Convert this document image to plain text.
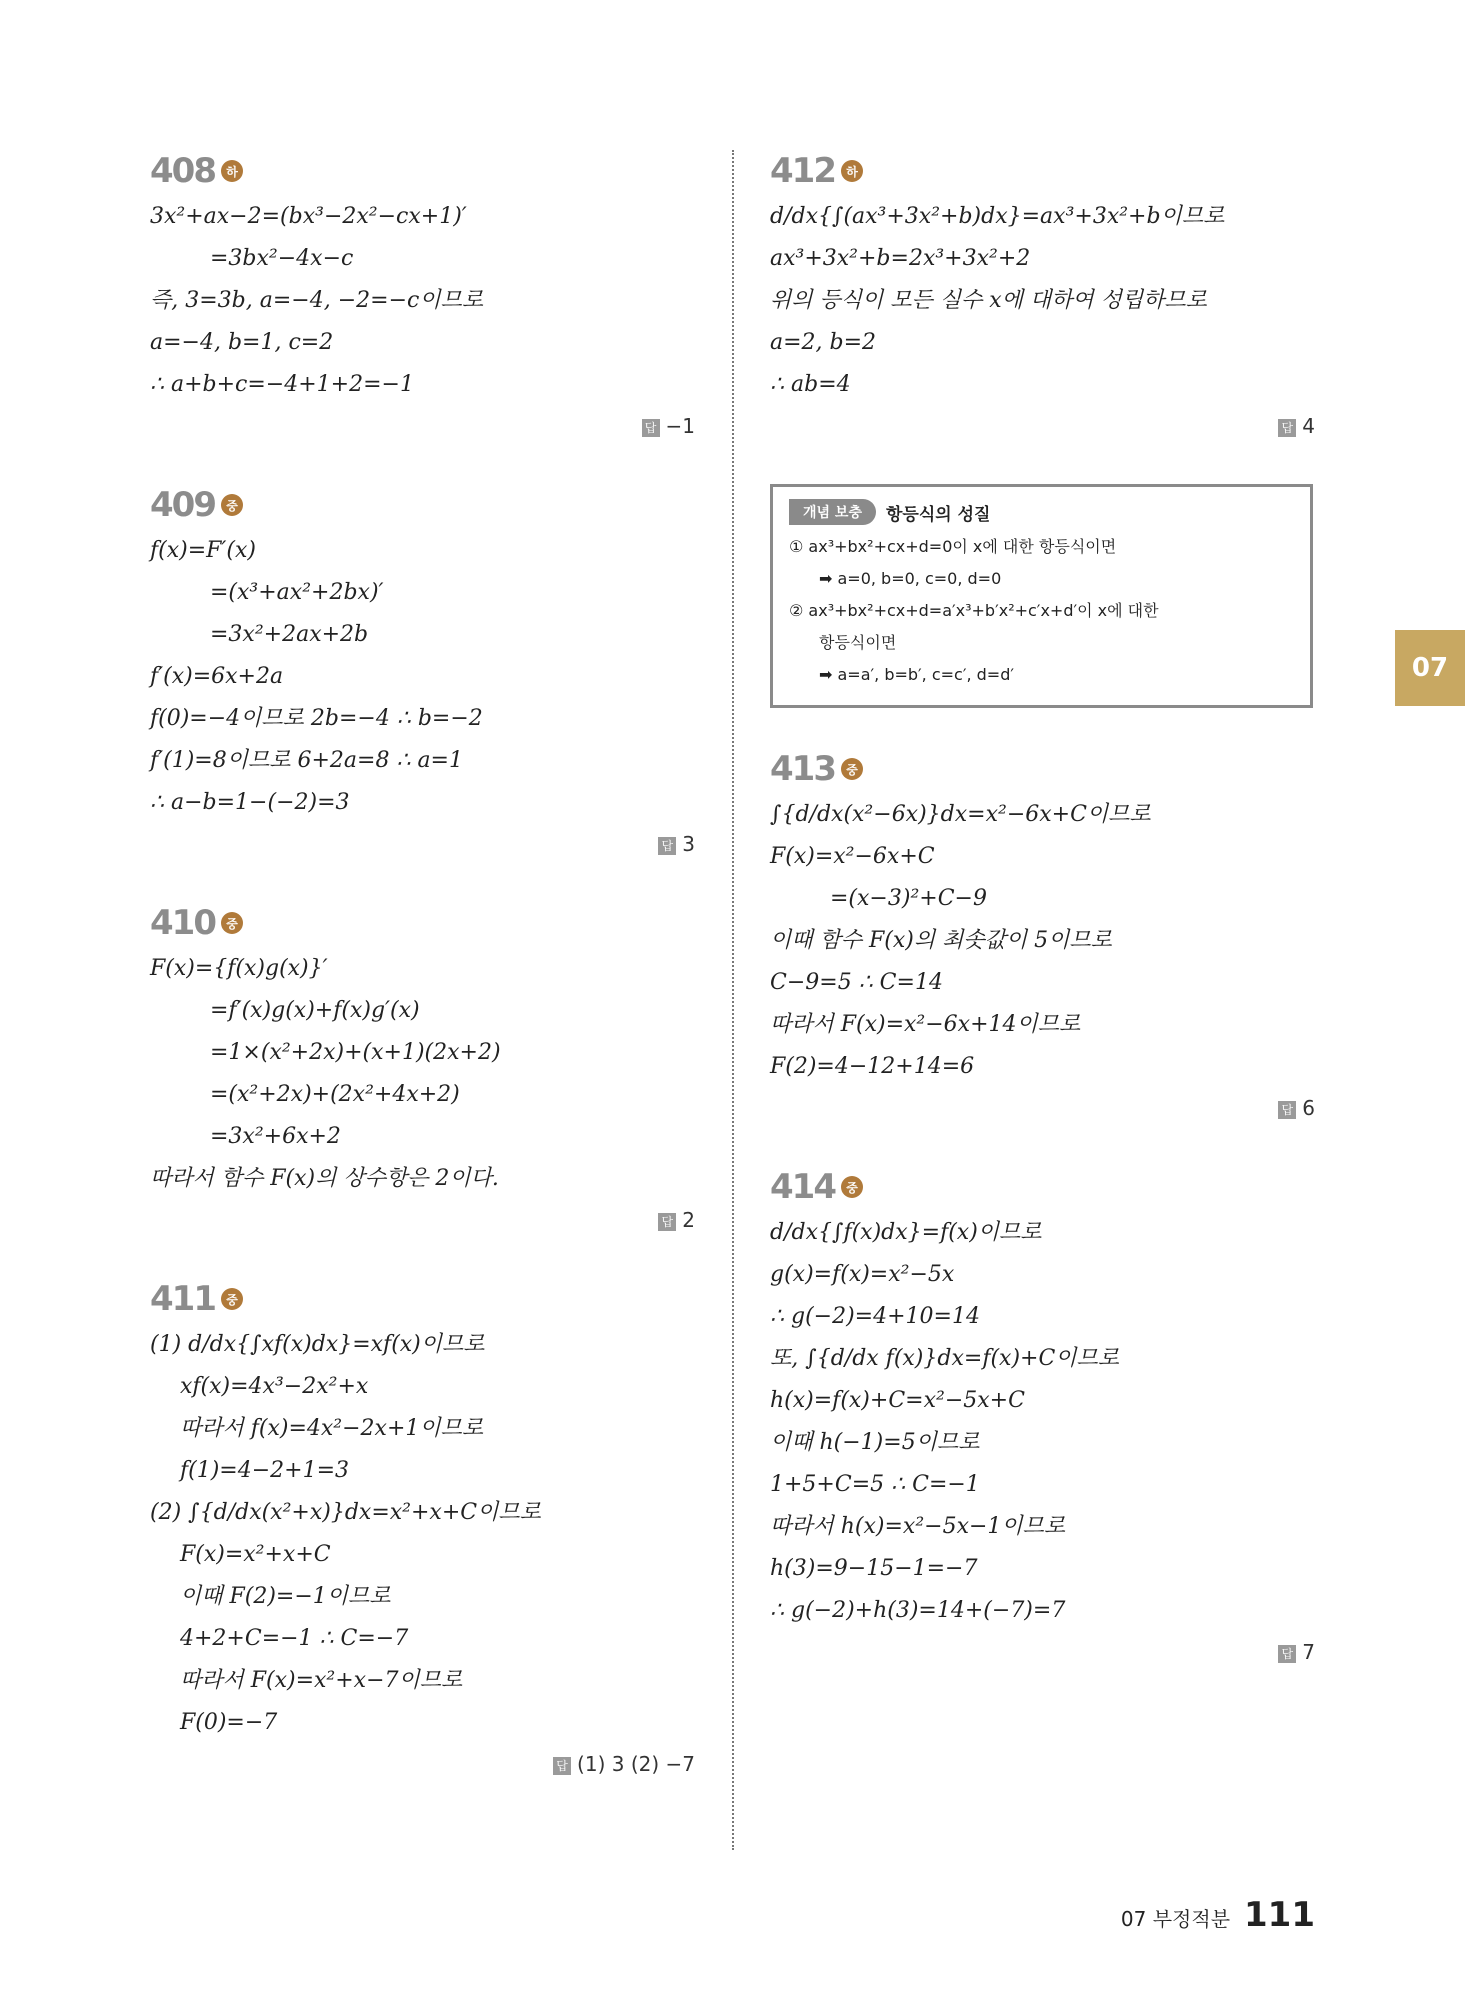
408 하
3x²+ax−2=(bx³−2x²−cx+1)′
=3bx²−4x−c
즉, 3=3b, a=−4, −2=−c이므로
a=−4, b=1, c=2
∴ a+b+c=−4+1+2=−1
답 −1
409 중
f(x)=F′(x)
=(x³+ax²+2bx)′
=3x²+2ax+2b
f′(x)=6x+2a
f(0)=−4이므로 2b=−4 ∴ b=−2
f′(1)=8이므로 6+2a=8 ∴ a=1
∴ a−b=1−(−2)=3
답 3
410 중
F(x)={f(x)g(x)}′
=f′(x)g(x)+f(x)g′(x)
=1×(x²+2x)+(x+1)(2x+2)
=(x²+2x)+(2x²+4x+2)
=3x²+6x+2
따라서 함수 F(x)의 상수항은 2이다.
답 2
411 중
(1) d/dx{∫xf(x)dx}=xf(x)이므로
xf(x)=4x³−2x²+x
따라서 f(x)=4x²−2x+1이므로
f(1)=4−2+1=3
(2) ∫{d/dx(x²+x)}dx=x²+x+C이므로
F(x)=x²+x+C
이때 F(2)=−1이므로
4+2+C=−1 ∴ C=−7
따라서 F(x)=x²+x−7이므로
F(0)=−7
답 (1) 3 (2) −7
412 하
d/dx{∫(ax³+3x²+b)dx}=ax³+3x²+b이므로
ax³+3x²+b=2x³+3x²+2
위의 등식이 모든 실수 x에 대하여 성립하므로
a=2, b=2
∴ ab=4
답 4
개념 보충	항등식의 성질
① ax³+bx²+cx+d=0이 x에 대한 항등식이면
➡ a=0, b=0, c=0, d=0
② ax³+bx²+cx+d=a′x³+b′x²+c′x+d′이 x에 대한
항등식이면
➡ a=a′, b=b′, c=c′, d=d′
413 중
∫{d/dx(x²−6x)}dx=x²−6x+C이므로
F(x)=x²−6x+C
=(x−3)²+C−9
이때 함수 F(x)의 최솟값이 5이므로
C−9=5 ∴ C=14
따라서 F(x)=x²−6x+14이므로
F(2)=4−12+14=6
답 6
414 중
d/dx{∫f(x)dx}=f(x)이므로
g(x)=f(x)=x²−5x
∴ g(−2)=4+10=14
또, ∫{d/dx f(x)}dx=f(x)+C이므로
h(x)=f(x)+C=x²−5x+C
이때 h(−1)=5이므로
1+5+C=5 ∴ C=−1
따라서 h(x)=x²−5x−1이므로
h(3)=9−15−1=−7
∴ g(−2)+h(3)=14+(−7)=7
답 7
07
07 부정적분 111
